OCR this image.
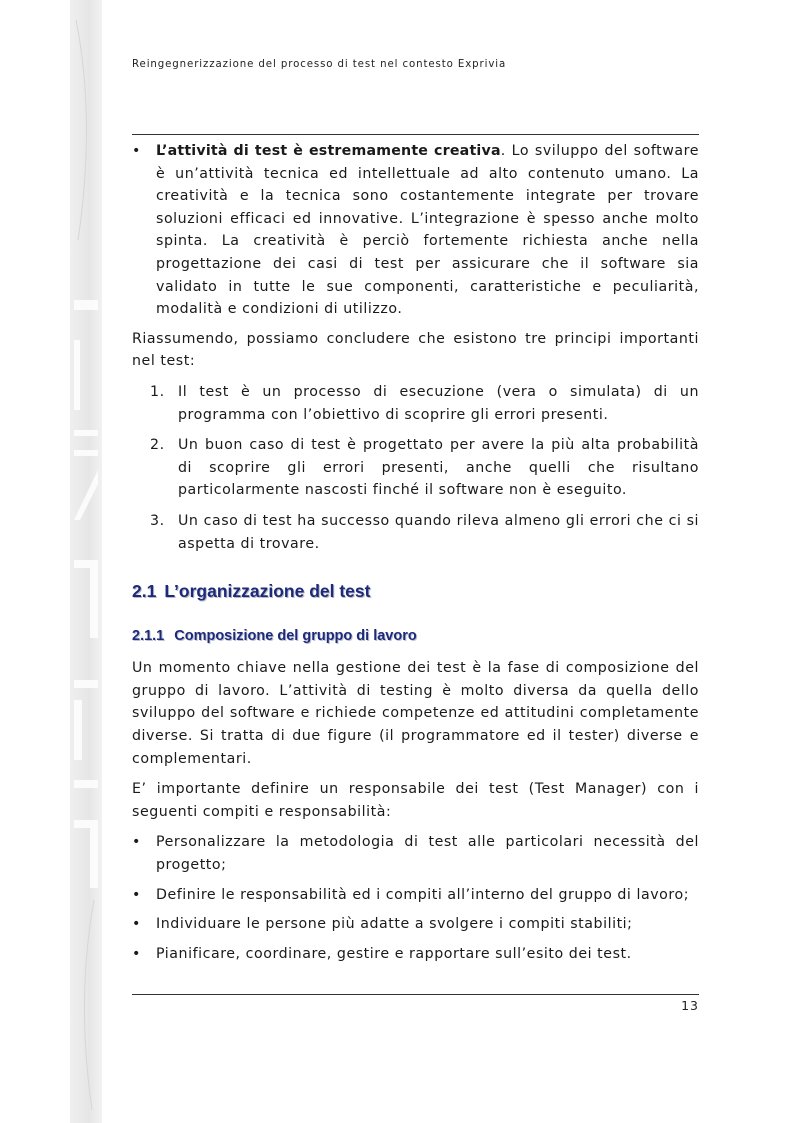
Reingegnerizzazione del processo di test nel contesto Exprivia
•	L’attività di test è estremamente creativa. Lo sviluppo del software è un’attività tecnica ed intellettuale ad alto contenuto umano. La creatività e la tecnica sono costantemente integrate per trovare soluzioni efficaci ed innovative. L’integrazione è spesso anche molto spinta. La creatività è perciò fortemente richiesta anche nella progettazione dei casi di test per assicurare che il software sia validato in tutte le sue componenti, caratteristiche e peculiarità, modalità e condizioni di utilizzo.

Riassumendo, possiamo concludere che esistono tre principi importanti nel test:

1. Il test è un processo di esecuzione (vera o simulata) di un programma con l’obiettivo di scoprire gli errori presenti.
2. Un buon caso di test è progettato per avere la più alta probabilità di scoprire gli errori presenti, anche quelli che risultano particolarmente nascosti finché il software non è eseguito.
3. Un caso di test ha successo quando rileva almeno gli errori che ci si aspetta di trovare.
2.1 L’organizzazione del test
2.1.1 Composizione del gruppo di lavoro

Un momento chiave nella gestione dei test è la fase di composizione del gruppo di lavoro. L’attività di testing è molto diversa da quella dello sviluppo del software e richiede competenze ed attitudini completamente diverse. Si tratta di due figure (il programmatore ed il tester) diverse e complementari.

E’ importante definire un responsabile dei test (Test Manager) con i seguenti compiti e responsabilità:

•	Personalizzare la metodologia di test alle particolari necessità del progetto;
•	Definire le responsabilità ed i compiti all’interno del gruppo di lavoro;
•	Individuare le persone più adatte a svolgere i compiti stabiliti;
•	Pianificare, coordinare, gestire e rapportare sull’esito dei test.
13
